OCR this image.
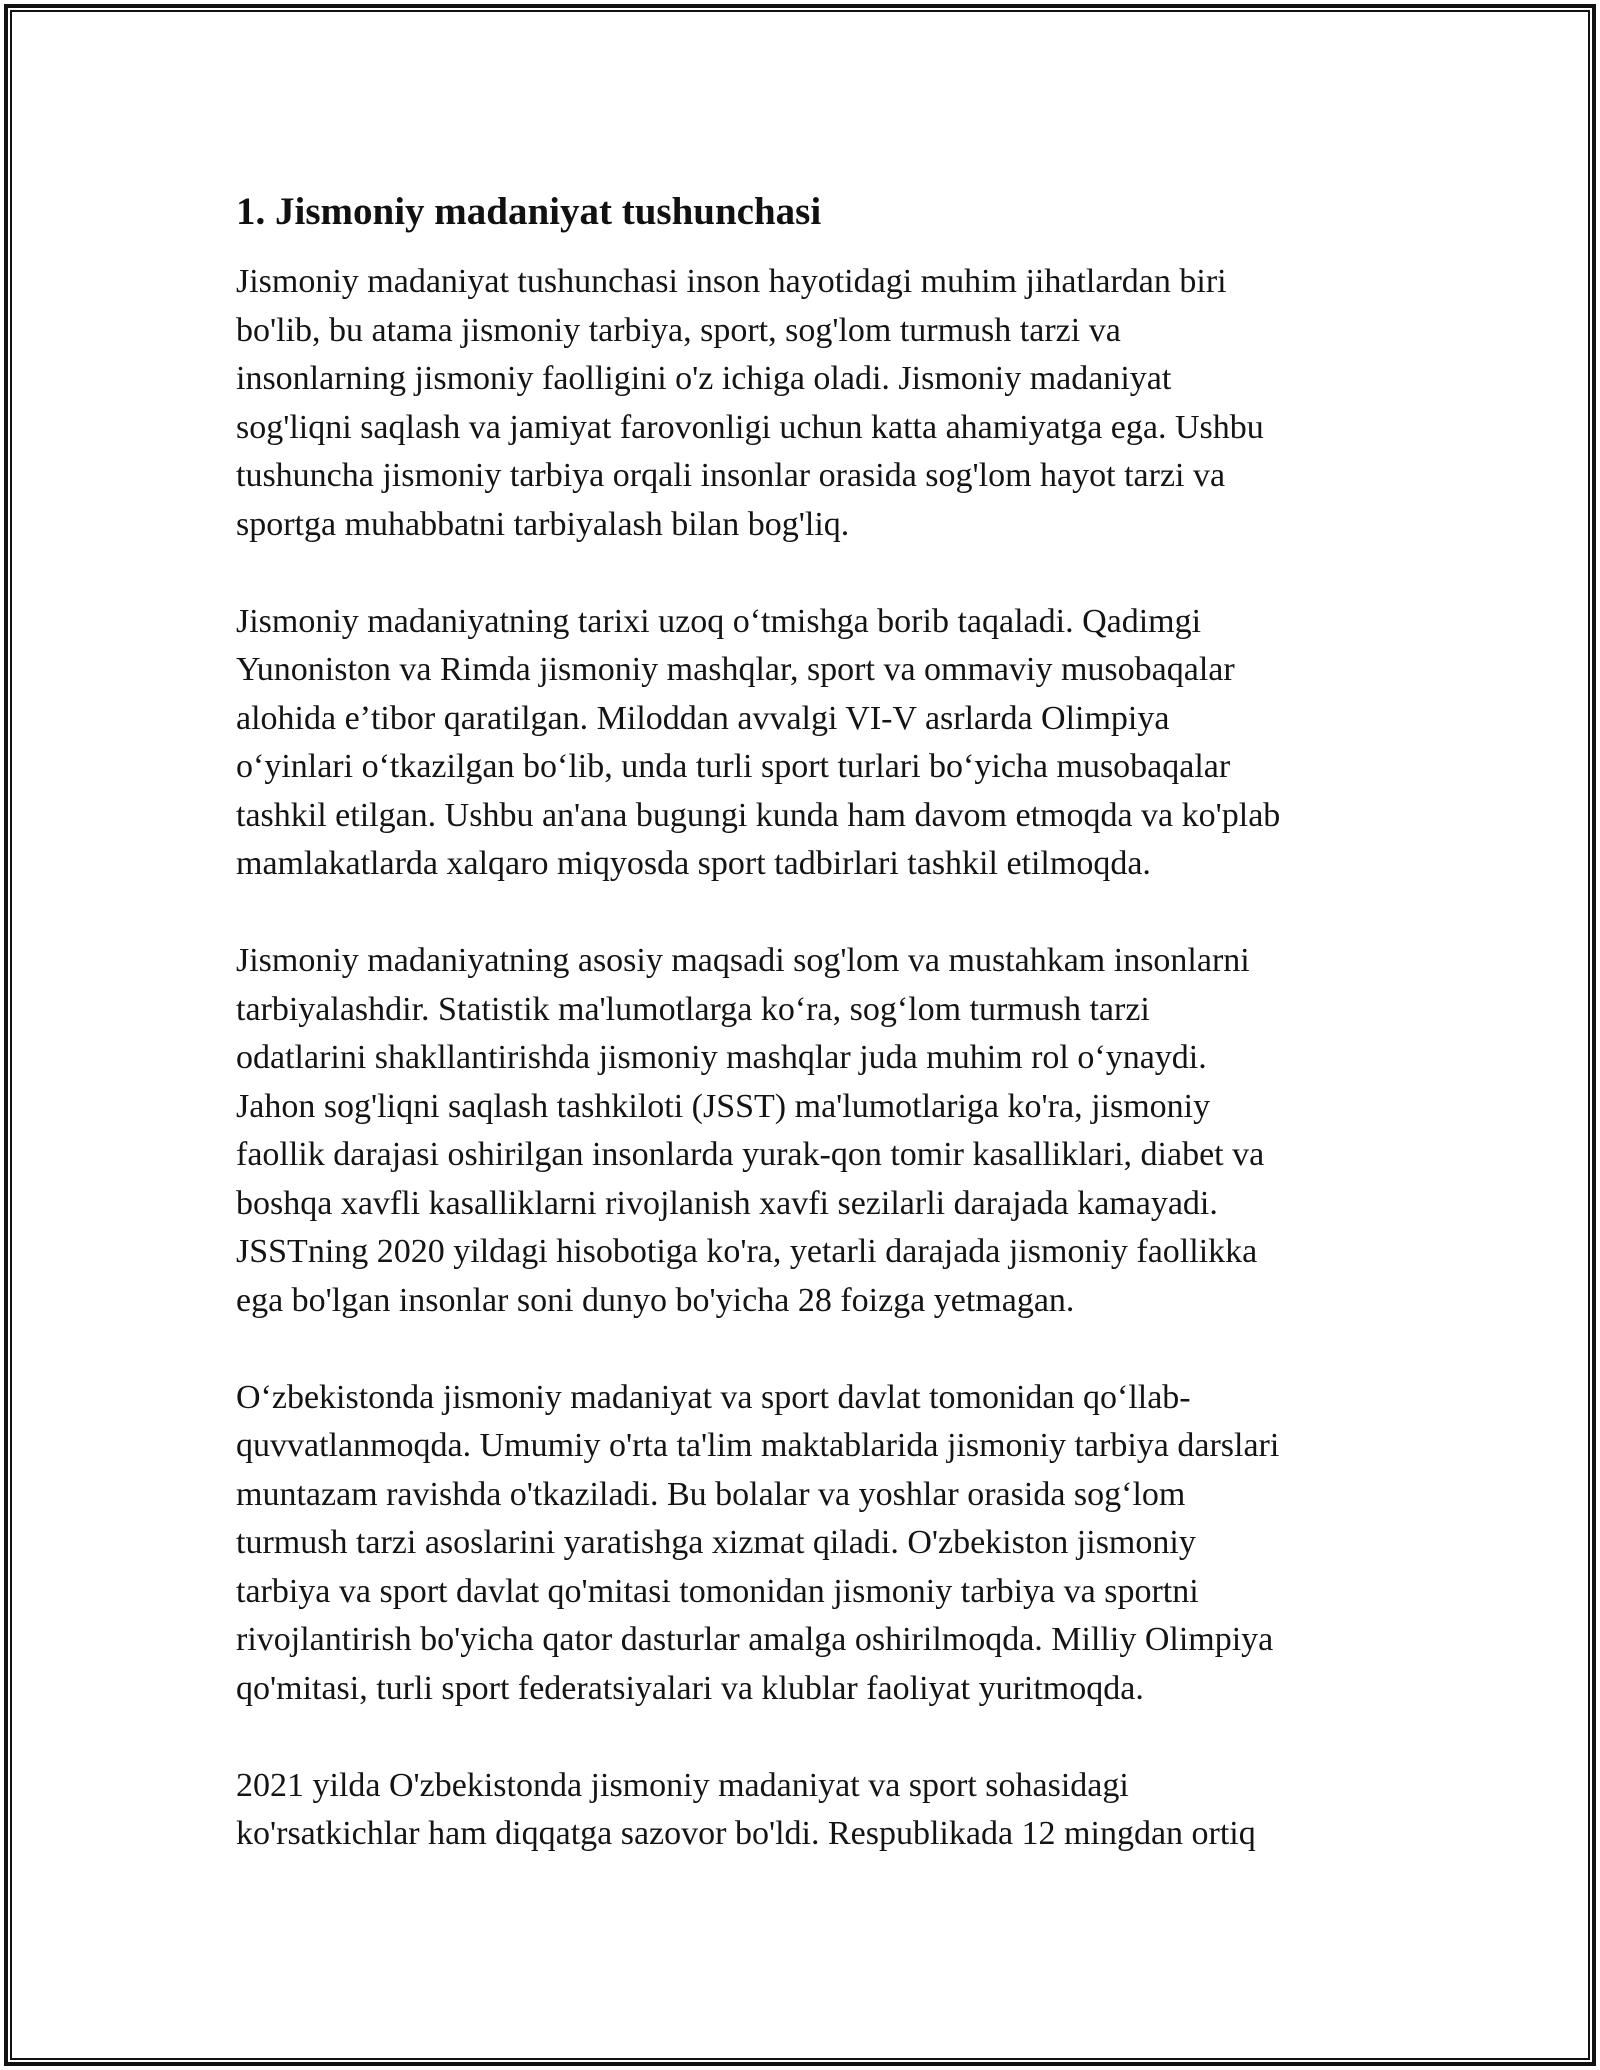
1. Jismoniy madaniyat tushunchasi

Jismoniy madaniyat tushunchasi inson hayotidagi muhim jihatlardan biri
bo'lib, bu atama jismoniy tarbiya, sport, sog'lom turmush tarzi va
insonlarning jismoniy faolligini o'z ichiga oladi. Jismoniy madaniyat
sog'liqni saqlash va jamiyat farovonligi uchun katta ahamiyatga ega. Ushbu
tushuncha jismoniy tarbiya orqali insonlar orasida sog'lom hayot tarzi va
sportga muhabbatni tarbiyalash bilan bog'liq.

Jismoniy madaniyatning tarixi uzoq oʻtmishga borib taqaladi. Qadimgi
Yunoniston va Rimda jismoniy mashqlar, sport va ommaviy musobaqalar
alohida eʼtibor qaratilgan. Miloddan avvalgi VI-V asrlarda Olimpiya
oʻyinlari oʻtkazilgan boʻlib, unda turli sport turlari boʻyicha musobaqalar
tashkil etilgan. Ushbu an'ana bugungi kunda ham davom etmoqda va ko'plab
mamlakatlarda xalqaro miqyosda sport tadbirlari tashkil etilmoqda.

Jismoniy madaniyatning asosiy maqsadi sog'lom va mustahkam insonlarni
tarbiyalashdir. Statistik ma'lumotlarga koʻra, sogʻlom turmush tarzi
odatlarini shakllantirishda jismoniy mashqlar juda muhim rol oʻynaydi.
Jahon sog'liqni saqlash tashkiloti (JSST) ma'lumotlariga ko'ra, jismoniy
faollik darajasi oshirilgan insonlarda yurak-qon tomir kasalliklari, diabet va
boshqa xavfli kasalliklarni rivojlanish xavfi sezilarli darajada kamayadi.
JSSTning 2020 yildagi hisobotiga ko'ra, yetarli darajada jismoniy faollikka
ega bo'lgan insonlar soni dunyo bo'yicha 28 foizga yetmagan.

Oʻzbekistonda jismoniy madaniyat va sport davlat tomonidan qoʻllab-
quvvatlanmoqda. Umumiy o'rta ta'lim maktablarida jismoniy tarbiya darslari
muntazam ravishda o'tkaziladi. Bu bolalar va yoshlar orasida sogʻlom
turmush tarzi asoslarini yaratishga xizmat qiladi. O'zbekiston jismoniy
tarbiya va sport davlat qo'mitasi tomonidan jismoniy tarbiya va sportni
rivojlantirish bo'yicha qator dasturlar amalga oshirilmoqda. Milliy Olimpiya
qo'mitasi, turli sport federatsiyalari va klublar faoliyat yuritmoqda.

2021 yilda O'zbekistonda jismoniy madaniyat va sport sohasidagi
ko'rsatkichlar ham diqqatga sazovor bo'ldi. Respublikada 12 mingdan ortiq
